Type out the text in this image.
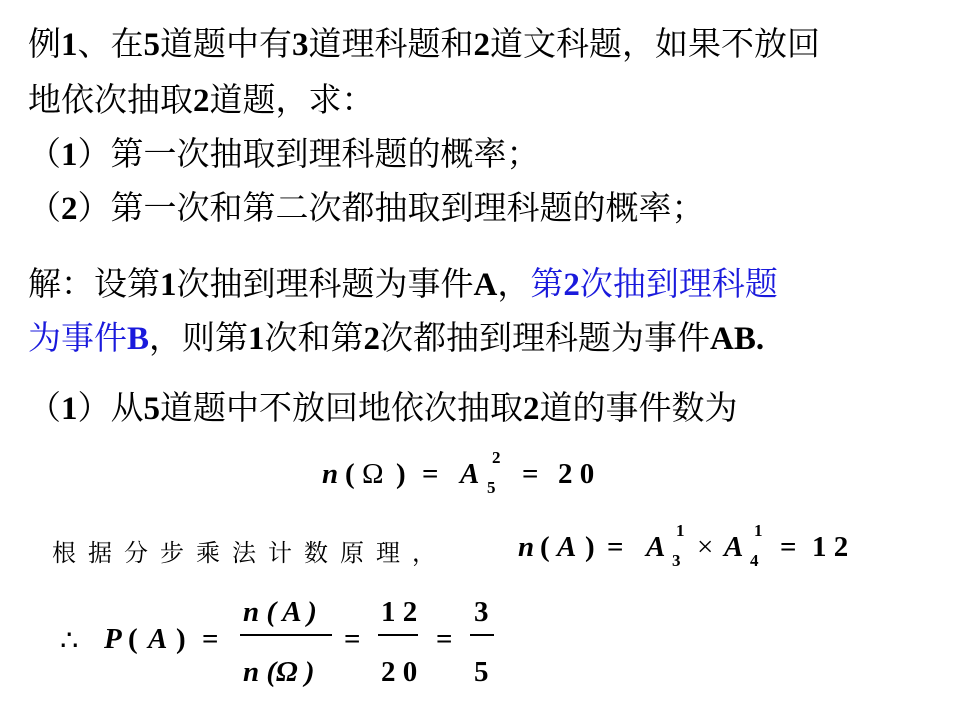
例1、在5道题中有3道理科题和2道文科题，如果不放回
地依次抽取2道题，求：
（1）第一次抽取到理科题的概率；
（2）第一次和第二次都抽取到理科题的概率；
解：设第1次抽到理科题为事件A，第2次抽到理科题
为事件B，则第1次和第2次都抽到理科题为事件AB.
（1）从5道题中不放回地依次抽取2道的事件数为
n ( Ω ) = A
2
5 = 2 0
根据分步乘法计数原理， n ( A ) = A
1
3 × A
1
4 = 1 2
∴ P ( A ) =
n ( A )
n (Ω )
=
1 2
2 0
=
3
5
